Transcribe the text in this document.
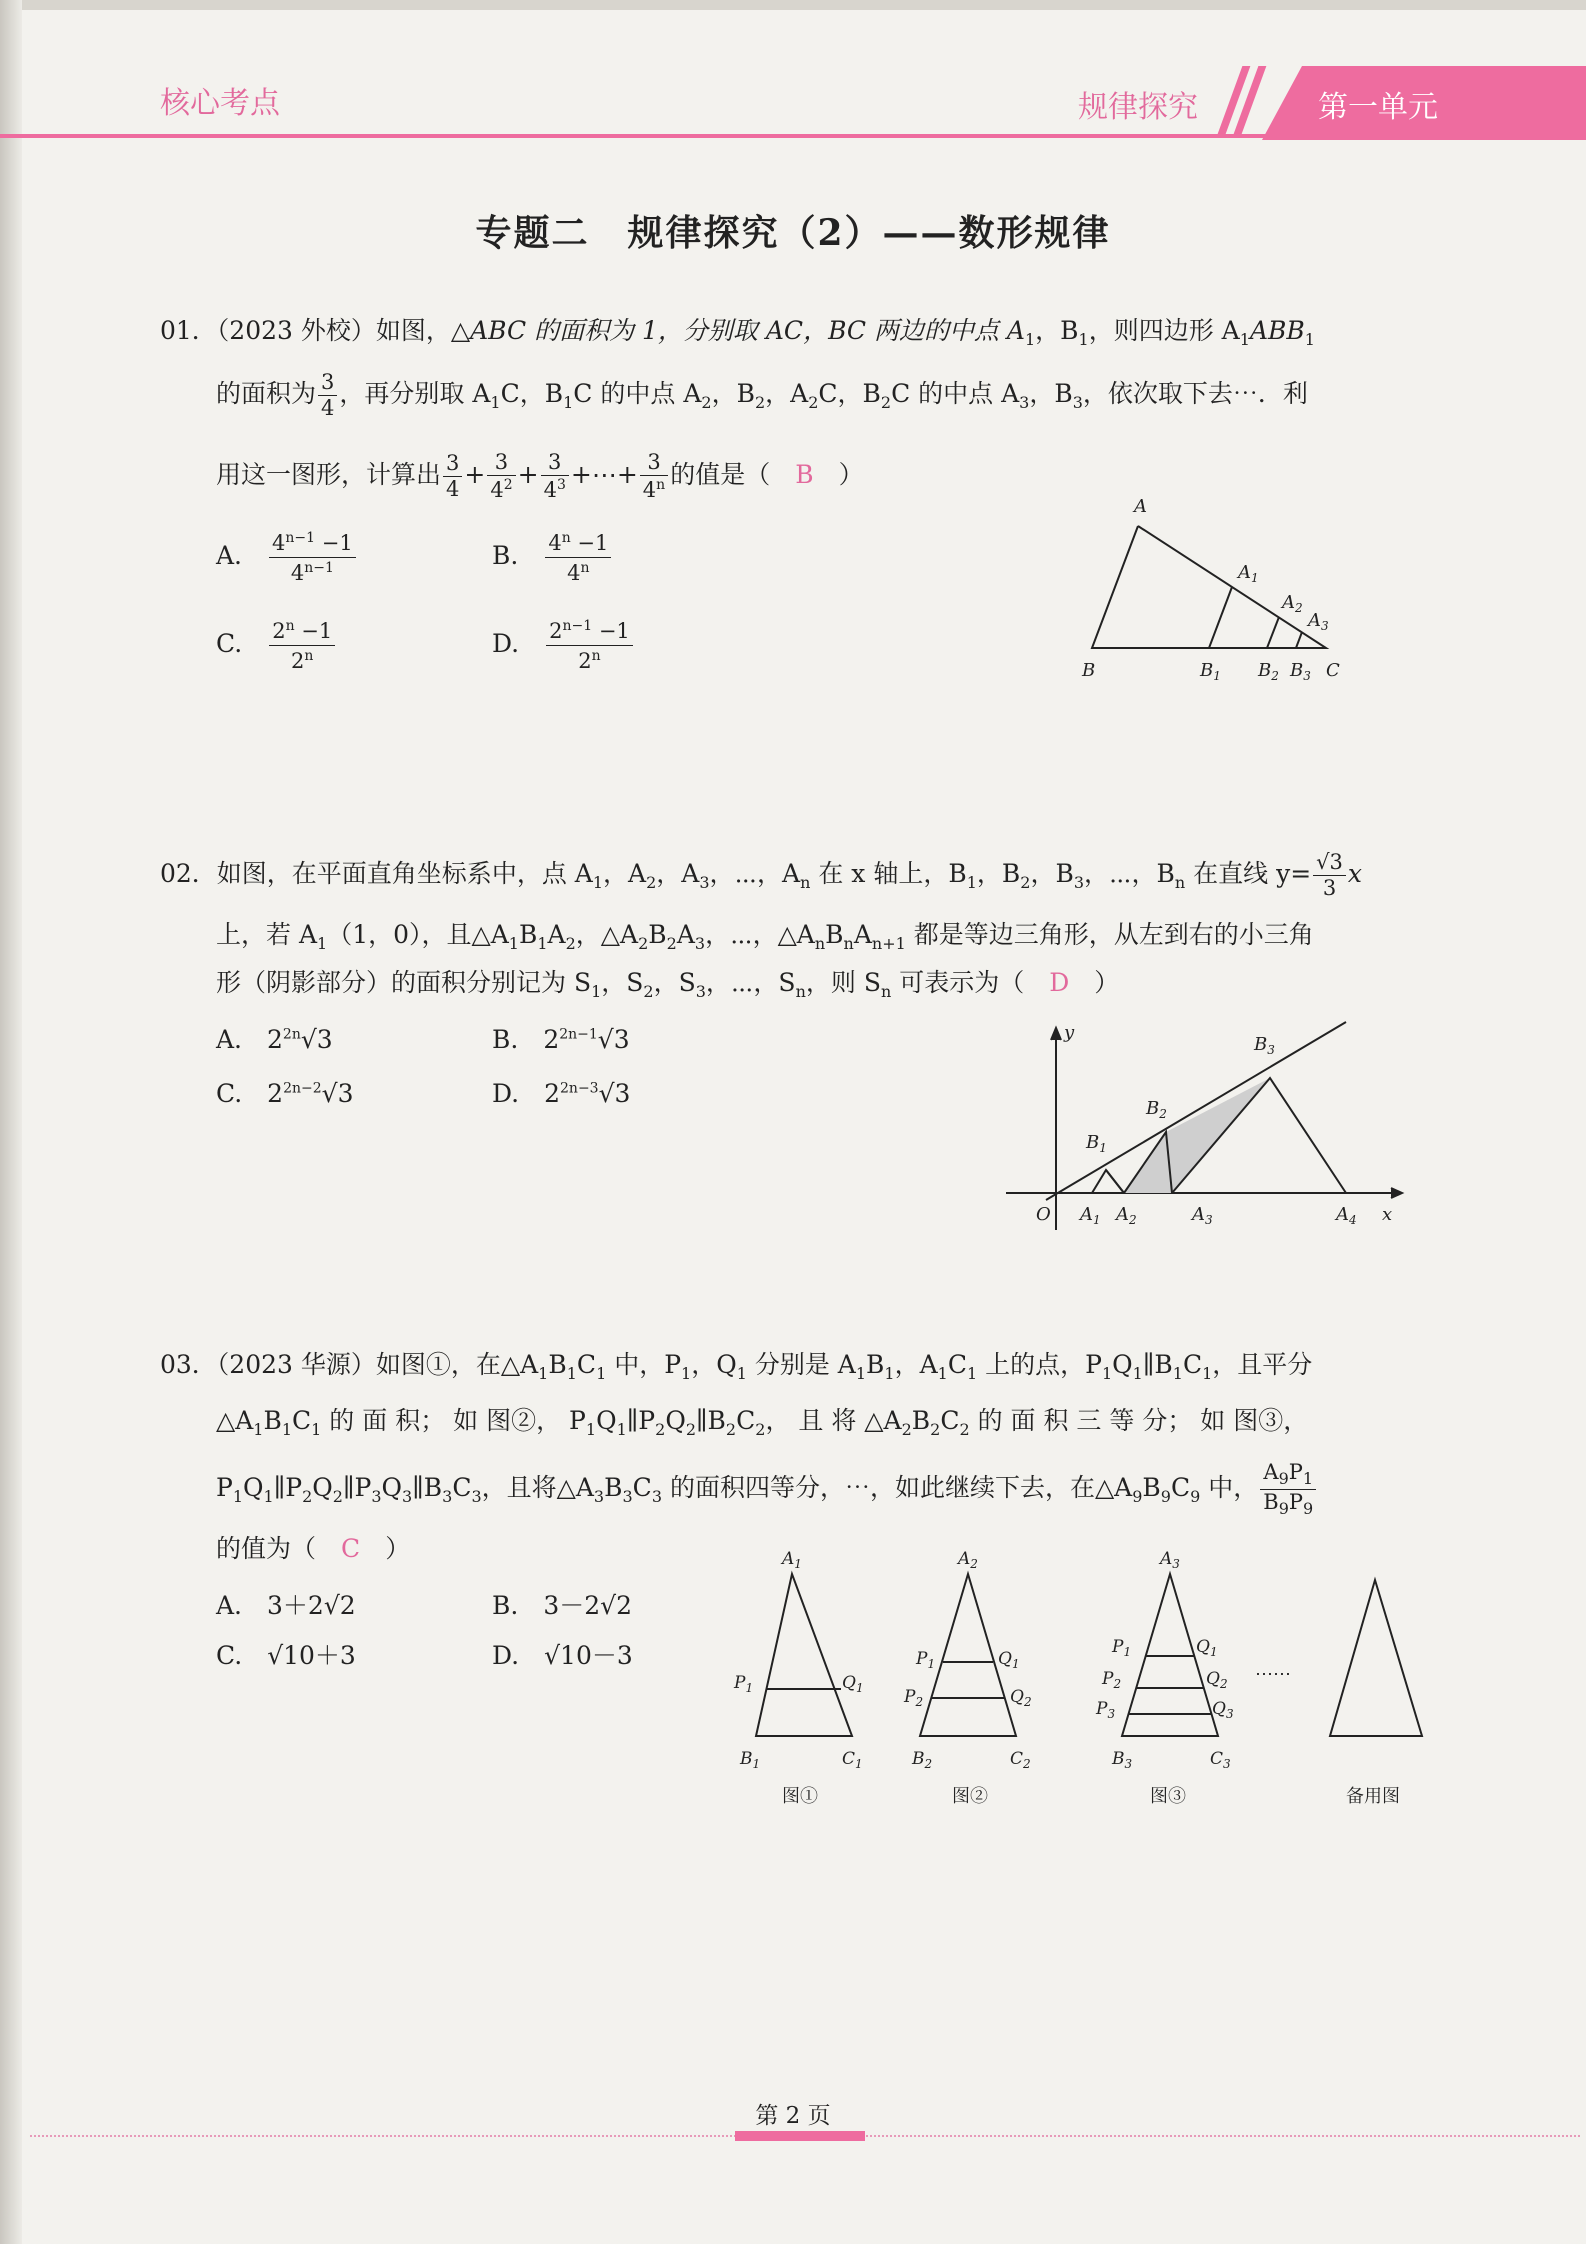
核心考点	规律探究	第一单元
专题二　规律探究（2）——数形规律
01．（2023 外校）如图，△ABC 的面积为 1，分别取 AC，BC 两边的中点 $A_1$，$B_1$，则四边形 $A_1ABB_1$
的面积为 $\frac{3}{4}$ ，再分别取 $A_1C$，$B_1C$ 的中点 $A_2$，$B_2$，$A_2C$，$B_2C$ 的中点 $A_3$，$B_3$，依次取下去⋯．利
用这一图形，计算出 $\frac{3}{4} + \frac{3}{4^2} + \frac{3}{4^3}$ +⋯+ $\frac{3}{4^n}$ 的值是（　 B　 ）
A.　 $\frac{4^{n-1} -1}{4^{n-1}}$	B.　 $\frac{4^n -1}{4^n}$
C.　 $\frac{2^n -1}{2^n}$	D.　 $\frac{2^{n-1} -1}{2^n}$
A
$A_1$
$A_2$
$A_3$
B	$B_1$ $B_2$ $B_3$ C
02．如图，在平面直角坐标系中，点 $A_1$，$A_2$，$A_3$，⋯，$A_n$ 在 x 轴上，$B_1$，$B_2$，$B_3$，⋯，$B_n$ 在直线 $y= \frac{√3}{3}$ x
上，若 $A_1(1$，0），且$\triangle A_1B_1A_2$，$\triangle A_2B_2A_3$，⋯，$\triangle A_nB_nA_{n+1}$ 都是等边三角形，从左到右的小三角
形（阴影部分）的面积分别记为 $S_1$，$S_2$，$S_3$，⋯，$S_n$，则 $S_n$ 可表示为（　 D　 ）
A.　$2^{2n}√3$	B.　$2^{2n-1}√3$
C.　$2^{2n-2}√3$	D.　$2^{2n-3}√3$
y
x
O $A_1$ $A_2$	$A_3$	$A_4$
$B_1$
$B_2$
$B_3$
03．（2023 华源）如图①，在$\triangle A_1B_1C_1$ 中，$P_1$，$Q_1$ 分别是 $A_1B_1$，$A_1C_1$ 上的点，$P_1Q_1\parallel B_1C_1$，且平分
$\triangle A_1B_1C_1$ 的 面 积； 如 图②， $P_1Q_1\parallel P_2Q_2\parallel B_2C_2$， 且 将 $\triangle A_2B_2C_2$ 的 面 积 三 等 分； 如 图③，
$P_1Q_1\parallel P_2Q_2\parallel P_3Q_3\parallel B_3C_3$，且将$\triangle A_3B_3C_3$ 的面积四等分，⋯，如此继续下去，在$\triangle A_9B_9C_9$ 中， $\frac{A_9P_1}{B_9P_9}$
的值为（　 C　 ）
A.　3＋2√2	B.　3－2√2
C.　√10＋3	D.　√10－3
$A_1$
$P_1$	$Q_1$
$B_1$	$C_1$
$A_2$
$P_1$	$Q_1$
$P_2$	$Q_2$
$B_2$	$C_2$
$A_3$
$P_1$	$Q_1$
$P_2$	$Q_2$
$P_3$	$Q_3$
$B_3$	$C_3$
⋯⋯
图①	图②	图③	备用图
第 2 页
